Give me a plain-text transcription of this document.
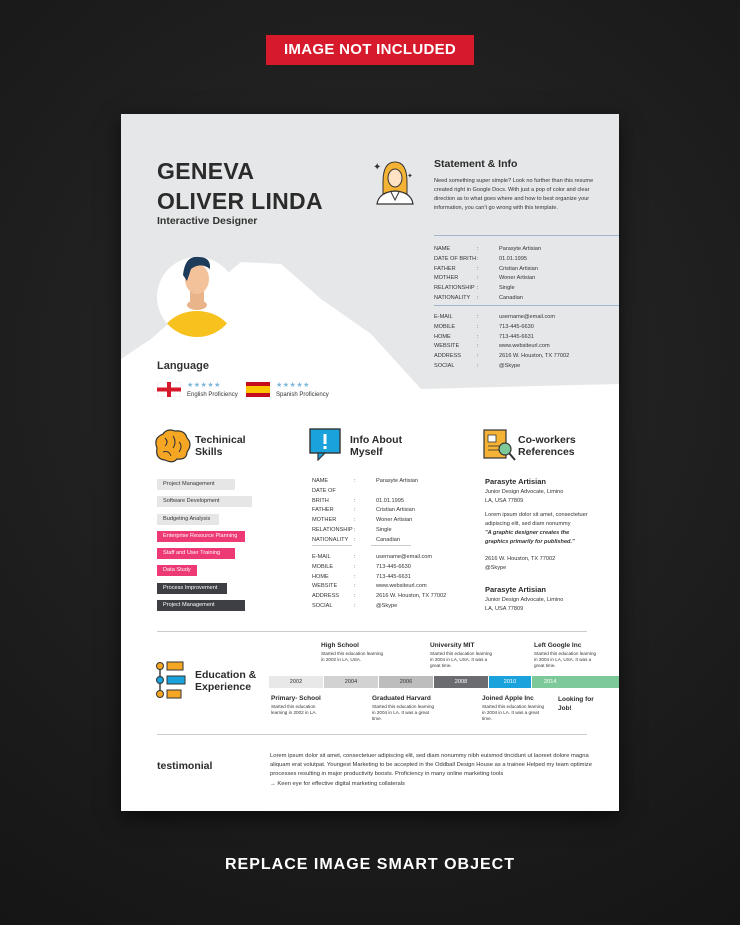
IMAGE NOT INCLUDED
GENEVA
OLIVER LINDA
Interactive Designer
Language
★★★★★
English Proficiency
★★★★★
Spanish Proficiency
✦
✦
Statement & Info
Need something super simple? Look no further than this resume created right in Google Docs. With just a pop of color and clear direction as to what goes where and how to best organize your information, you can't go wrong with this template.
NAME	:	Parasyte Artisian
DATE OF BRITH:	01.01.1995
FATHER	:	Cristian Artisian
MOTHER	:	Woner Artisian
RELATIONSHIP :	Single
NATIONALITY :	Canadian
E-MAIL	:	username@email.com
MOBILE	:	713-445-6630
HOME	:	713-445-6631
WEBSITE	:	www.websiteurl.com
ADDRESS	:	2616 W. Houston, TX 77002
SOCIAL	:	@Skype
Techinical
Skills
Project Management
Software Development
Budgeting Analysis
Enterprise Resource Planning
Staff and User Training
Data Study
Process Improvement
Project Management
Info About
Myself
NAME	:	Parasyte Artisian
DATE OF BRITH	:	01.01.1995
FATHER	:	Cristian Artisian
MOTHER	:	Woner Artisian
RELATIONSHIP:	Single
NATIONALITY :	Canadian
E-MAIL	:	username@email.com
MOBILE	:	713-445-6630
HOME	:	713-445-6631
WEBSITE	:	www.websiteurl.com
ADDRESS	:	2616 W. Houston, TX 77002
SOCIAL	:	@Skype
Co-workers
References
Parasyte Artisian
Junior Design Advocate, Limino
LA, USA 77809
Lorem ipsum dolor sit amet, consectetuer adipiscing elit, sed diam nonummy
"A graphic designer creates the graphics primarily for published."
2616 W. Houston, TX 77002
@Skype
Parasyte Artisian
Junior Design Advocate, Limino
LA, USA 77809
Education &
Experience
High School
Started this education learning in 2002 in LA, USA.
University MIT
Started this education learning in 2004 in LA, USA. It was a great time.
Left Google Inc
Started this education learning in 2004 in LA, USA. It was a great time.
2002	2004	2006	2008	2010	2014
Primary- School
Started this education learning in 2002 in LA.
Graduated Harvard
Started this education learning in 2004 in LA. It was a great time.
Joined Apple Inc
Started this education learning in 2004 in LA. It was a great time.
Looking for Job!
testimonial
Lorem ipsum dolor sit amet, consectetuer adipiscing elit, sed diam nonummy nibh euismod tincidunt ut laoreet dolore magna
aliquam erat volutpat. Youngest Marketing to be accepted in the Oddball Design House as a trainee Helped my team optimize
processes resulting in major productivity boosts. Proficiency in many online marketing tools
→ Keen eye for effective digital marketing collaterals
REPLACE IMAGE SMART OBJECT
